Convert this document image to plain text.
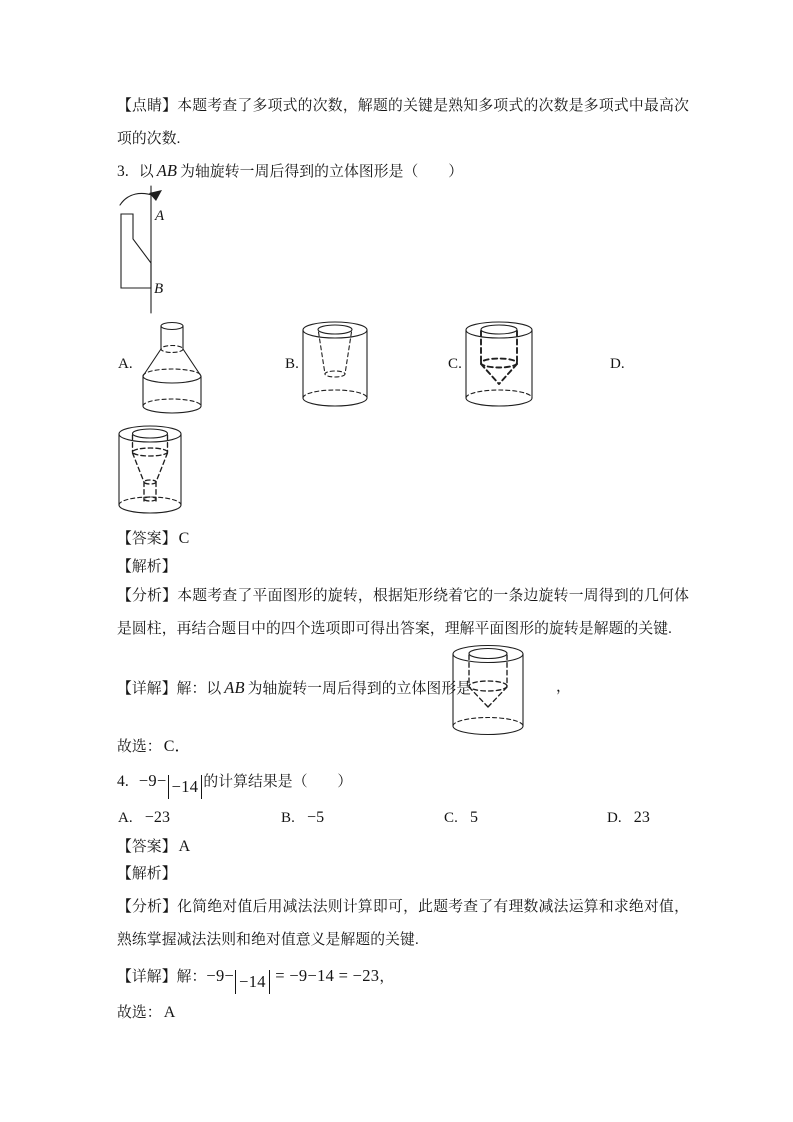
【点睛】本题考查了多项式的次数，解题的关键是熟知多项式的次数是多项式中最高次项的次数.
3. 以 AB 为轴旋转一周后得到的立体图形是（　　）
A
B
A.	B.	C.	D.
【答案】 C
【解析】
【分析】本题考查了平面图形的旋转，根据矩形绕着它的一条边旋转一周得到的几何体是圆柱，再结合题目中的四个选项即可得出答案，理解平面图形的旋转是解题的关键.
【详解】解：以 AB 为轴旋转一周后得到的立体图形是	，
故选： C．
4. −9− −14 的计算结果是（　　）
A. −23	B. −5	C. 5	D. 23
【答案】 A
【解析】
【分析】化简绝对值后用减法法则计算即可，此题考查了有理数减法运算和求绝对值，熟练掌握减法法则和绝对值意义是解题的关键.
【详解】解：−9− −14 = −9−14 = −23，
故选： A
